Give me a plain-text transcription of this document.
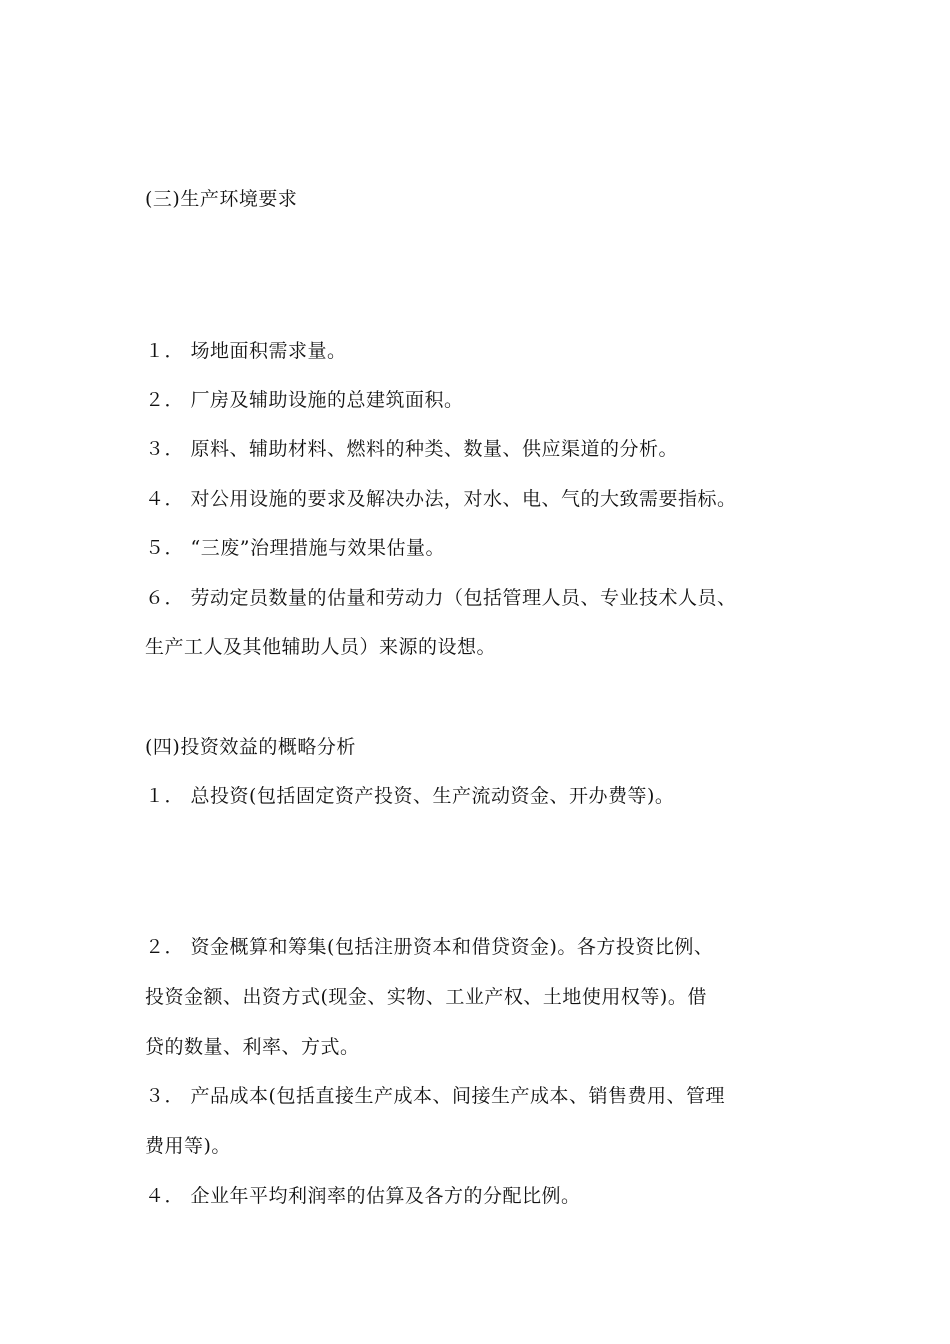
(三)生产环境要求
１． 场地面积需求量。
２． 厂房及辅助设施的总建筑面积。
３． 原料、辅助材料、燃料的种类、数量、供应渠道的分析。
４． 对公用设施的要求及解决办法，对水、电、气的大致需要指标。
５． “三废”治理措施与效果估量。
６． 劳动定员数量的估量和劳动力（包括管理人员、专业技术人员、
生产工人及其他辅助人员）来源的设想。
(四)投资效益的概略分析
１． 总投资(包括固定资产投资、生产流动资金、开办费等)。
２． 资金概算和筹集(包括注册资本和借贷资金)。各方投资比例、
投资金额、出资方式(现金、实物、工业产权、土地使用权等)。借
贷的数量、利率、方式。
３． 产品成本(包括直接生产成本、间接生产成本、销售费用、管理
费用等)。
４． 企业年平均利润率的估算及各方的分配比例。
